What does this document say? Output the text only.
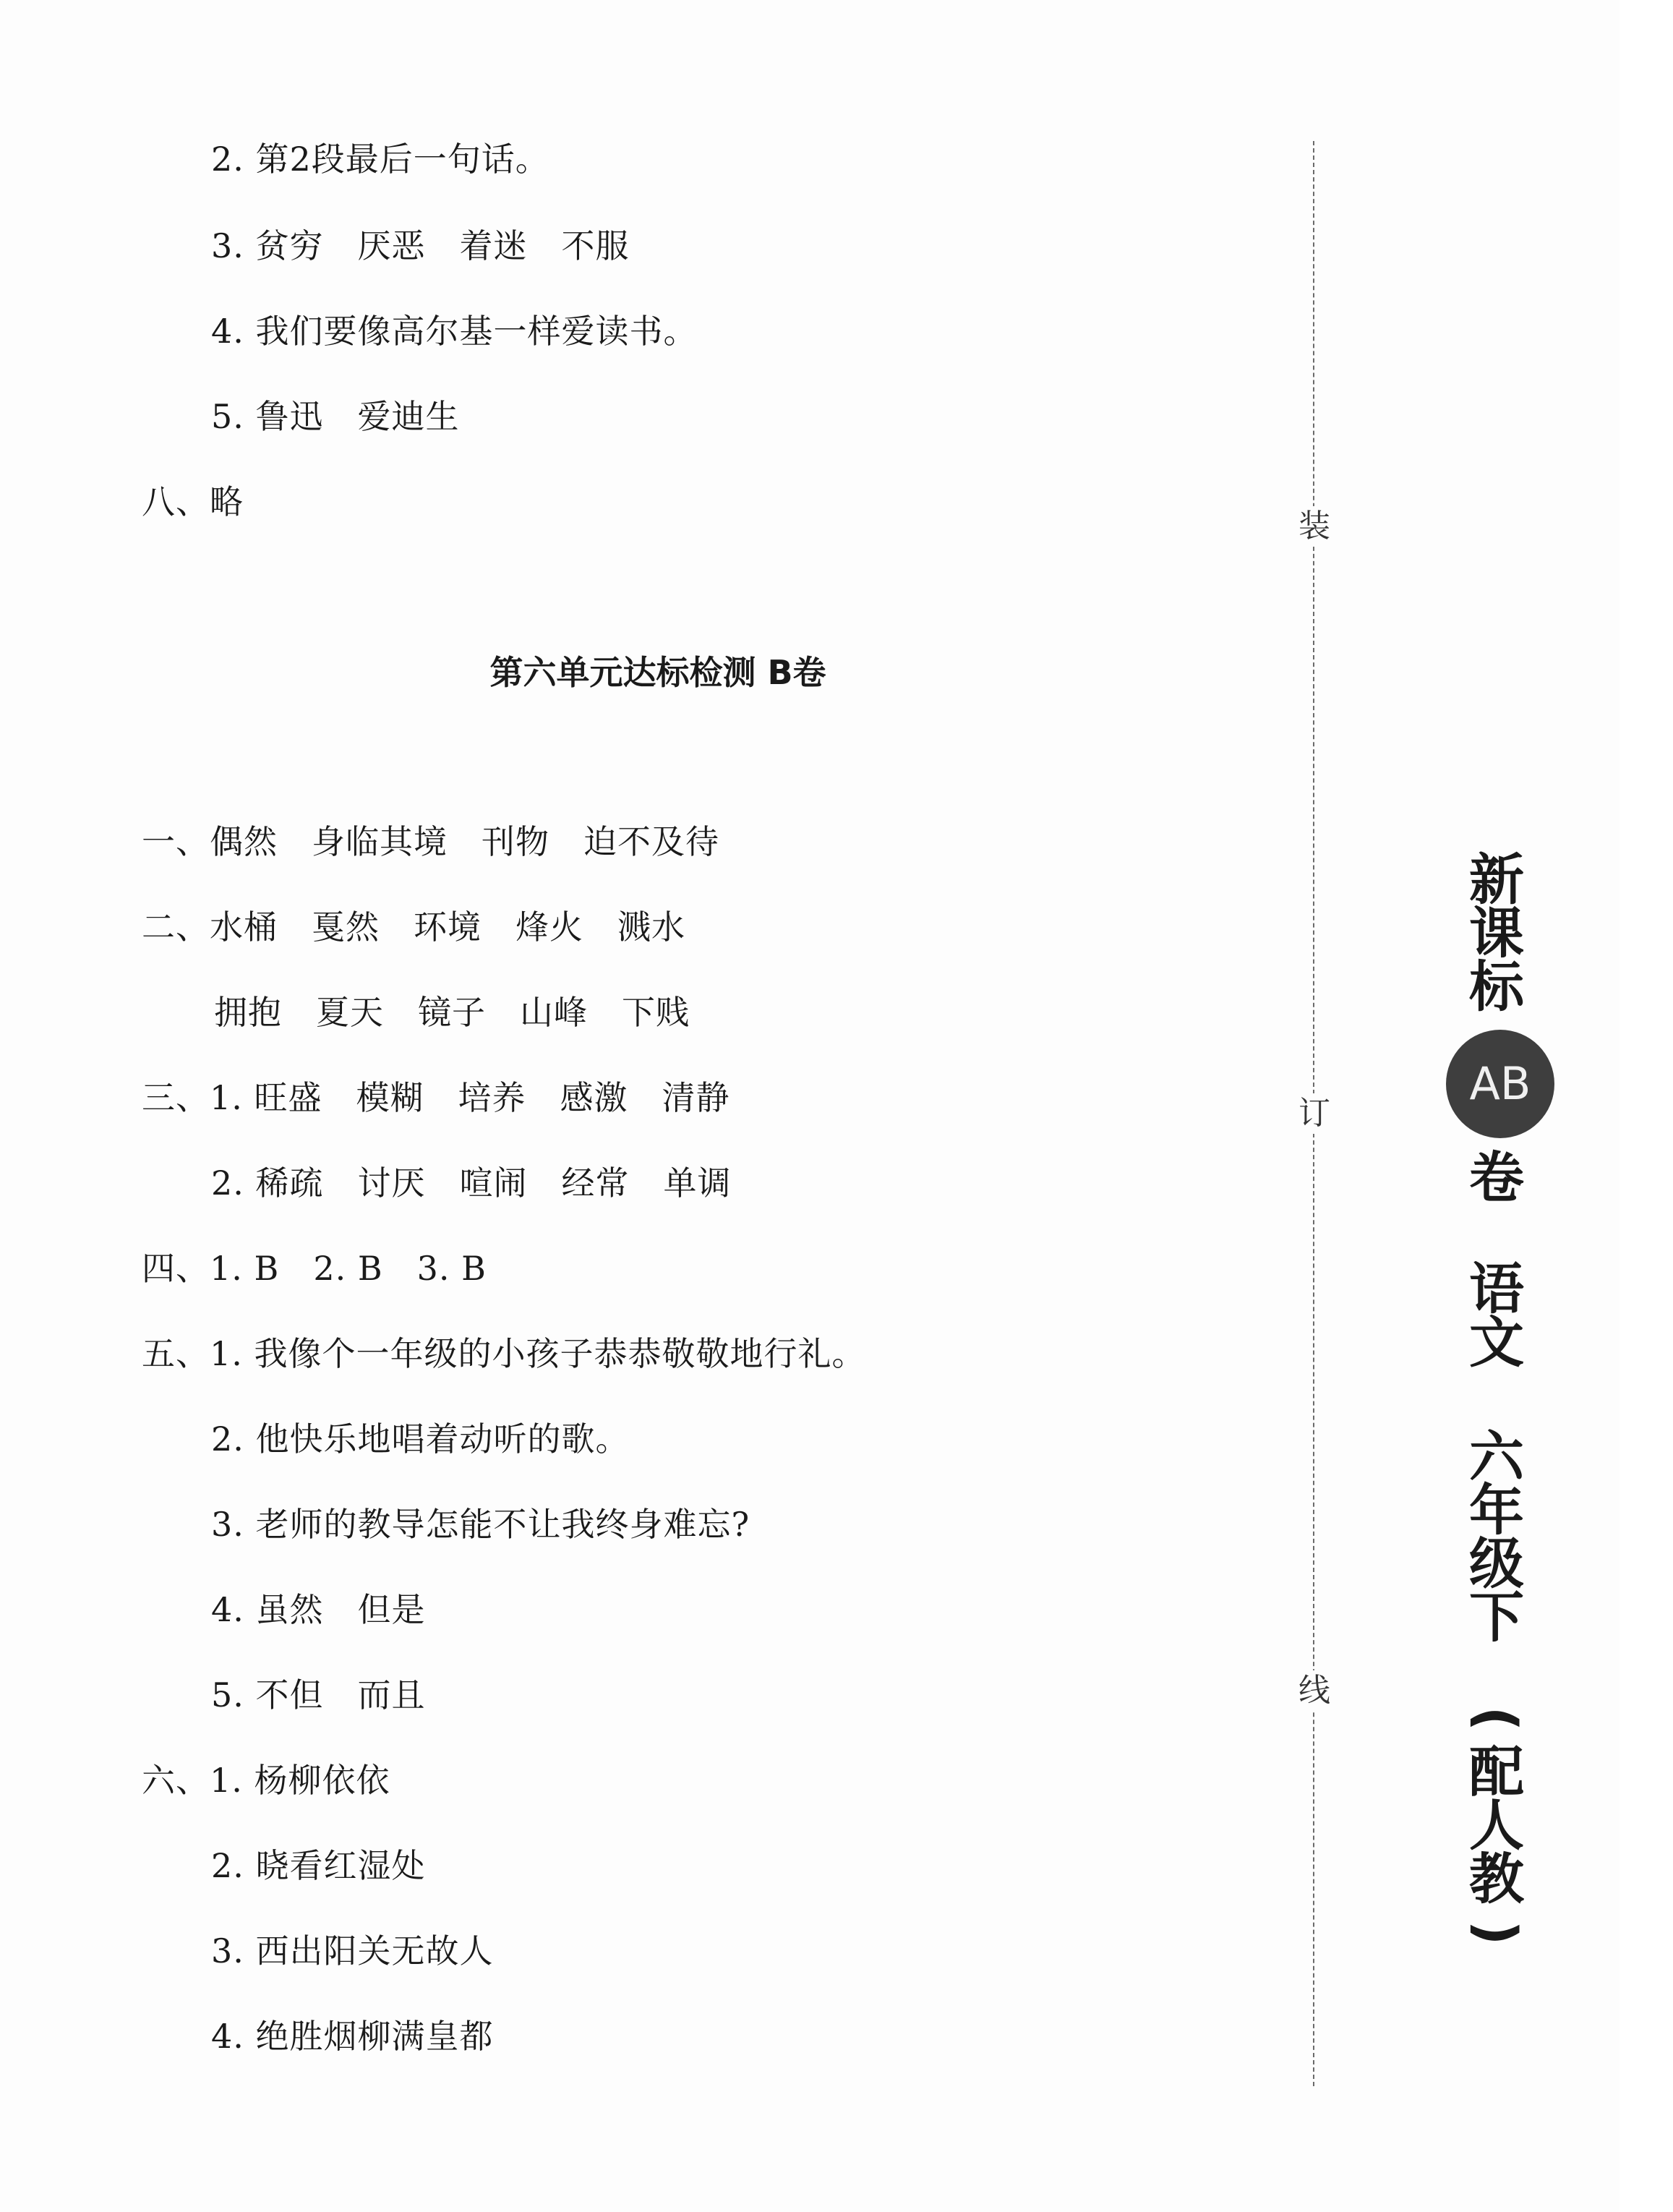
2. 第2段最后一句话。
3. 贫穷　厌恶　着迷　不服
4. 我们要像高尔基一样爱读书。
5. 鲁迅　爱迪生
八、略
第六单元达标检测 B卷
一、偶然　身临其境　刊物　迫不及待
二、水桶　戛然　环境　烽火　溅水
拥抱　夏天　镜子　山峰　下贱
三、1. 旺盛　模糊　培养　感激　清静
2. 稀疏　讨厌　喧闹　经常　单调
四、1. B　2. B　3. B
五、1. 我像个一年级的小孩子恭恭敬敬地行礼。
2. 他快乐地唱着动听的歌。
3. 老师的教导怎能不让我终身难忘?
4. 虽然　但是
5. 不但　而且
六、1. 杨柳依依
2. 晓看红湿处
3. 西出阳关无故人
4. 绝胜烟柳满皇都
装
订
线
新
课
标
AB
卷
语
文
六
年
级
下
(
配
人
教
)
